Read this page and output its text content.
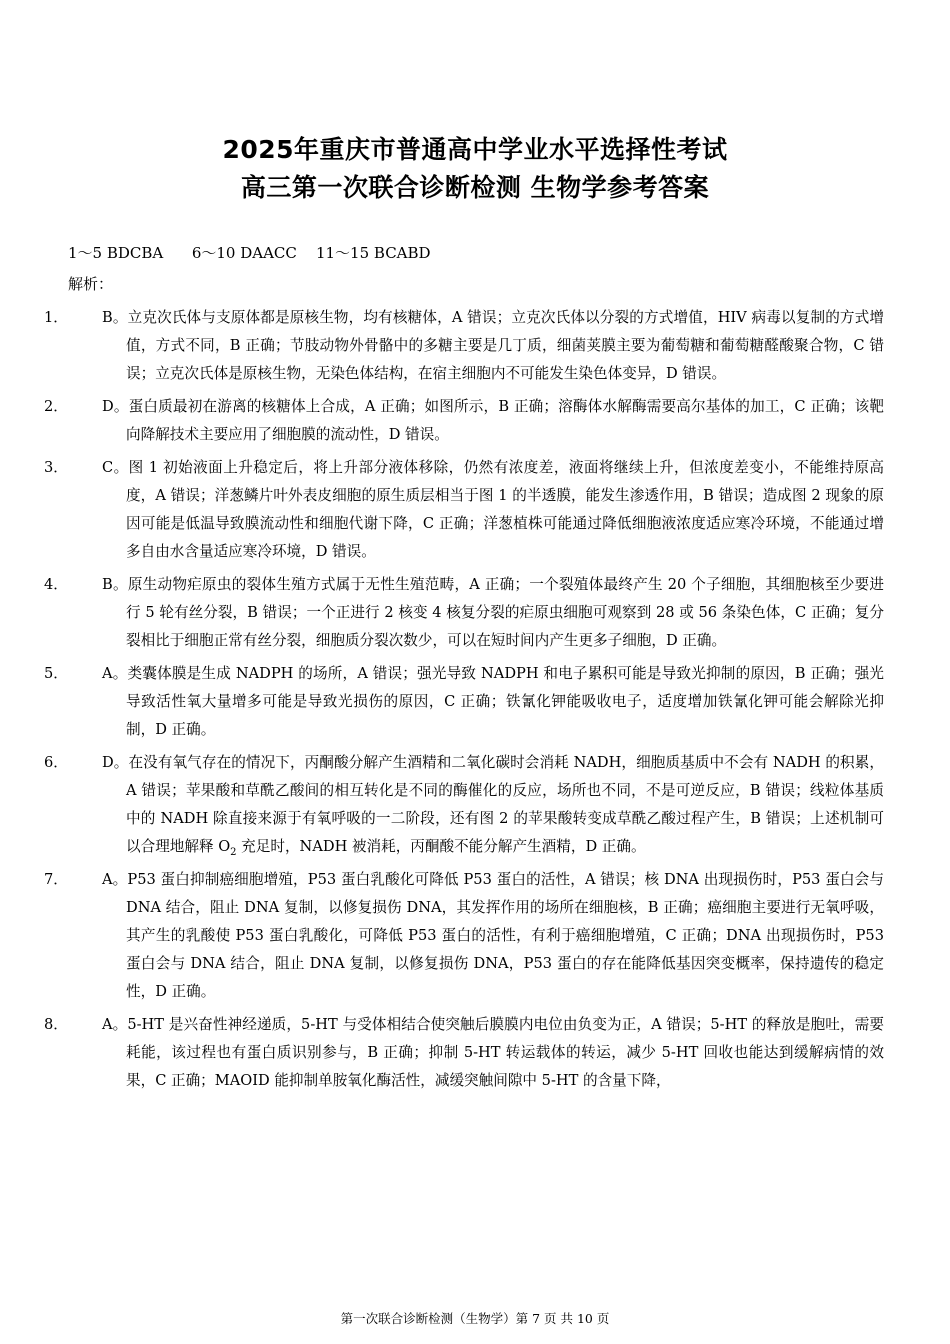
2025年重庆市普通高中学业水平选择性考试
高三第一次联合诊断检测 生物学参考答案
1～5 BDCBA      6～10 DAACC    11～15 BCABD
解析：
1． B。立克次氏体与支原体都是原核生物，均有核糖体，A 错误；立克次氏体以分裂的方式增值，HIV 病毒以复制的方式增值，方式不同，B 正确；节肢动物外骨骼中的多糖主要是几丁质，细菌荚膜主要为葡萄糖和葡萄糖醛酸聚合物，C 错误；立克次氏体是原核生物，无染色体结构，在宿主细胞内不可能发生染色体变异，D 错误。
2． D。蛋白质最初在游离的核糖体上合成，A 正确；如图所示，B 正确；溶酶体水解酶需要高尔基体的加工，C 正确；该靶向降解技术主要应用了细胞膜的流动性，D 错误。
3． C。图 1 初始液面上升稳定后，将上升部分液体移除，仍然有浓度差，液面将继续上升，但浓度差变小，不能维持原高度，A 错误；洋葱鳞片叶外表皮细胞的原生质层相当于图 1 的半透膜，能发生渗透作用，B 错误；造成图 2 现象的原因可能是低温导致膜流动性和细胞代谢下降，C 正确；洋葱植株可能通过降低细胞液浓度适应寒冷环境，不能通过增多自由水含量适应寒冷环境，D 错误。
4． B。原生动物疟原虫的裂体生殖方式属于无性生殖范畴，A 正确；一个裂殖体最终产生 20 个子细胞，其细胞核至少要进行 5 轮有丝分裂，B 错误；一个正进行 2 核变 4 核复分裂的疟原虫细胞可观察到 28 或 56 条染色体，C 正确；复分裂相比于细胞正常有丝分裂，细胞质分裂次数少，可以在短时间内产生更多子细胞，D 正确。
5． A。类囊体膜是生成 NADPH 的场所，A 错误；强光导致 NADPH 和电子累积可能是导致光抑制的原因，B 正确；强光导致活性氧大量增多可能是导致光损伤的原因，C 正确；铁氰化钾能吸收电子，适度增加铁氰化钾可能会解除光抑制，D 正确。
6． D。在没有氧气存在的情况下，丙酮酸分解产生酒精和二氧化碳时会消耗 NADH，细胞质基质中不会有 NADH 的积累，A 错误；苹果酸和草酰乙酸间的相互转化是不同的酶催化的反应，场所也不同，不是可逆反应，B 错误；线粒体基质中的 NADH 除直接来源于有氧呼吸的一二阶段，还有图 2 的苹果酸转变成草酰乙酸过程产生，B 错误；上述机制可以合理地解释 $O_2$ 充足时，NADH 被消耗，丙酮酸不能分解产生酒精，D 正确。
7． A。P53 蛋白抑制癌细胞增殖，P53 蛋白乳酸化可降低 P53 蛋白的活性，A 错误；核 DNA 出现损伤时，P53 蛋白会与 DNA 结合，阻止 DNA 复制，以修复损伤 DNA，其发挥作用的场所在细胞核，B 正确；癌细胞主要进行无氧呼吸，其产生的乳酸使 P53 蛋白乳酸化，可降低 P53 蛋白的活性，有利于癌细胞增殖，C 正确；DNA 出现损伤时，P53 蛋白会与 DNA 结合，阻止 DNA 复制，以修复损伤 DNA，P53 蛋白的存在能降低基因突变概率，保持遗传的稳定性，D 正确。
8． A。5-HT 是兴奋性神经递质，5-HT 与受体相结合使突触后膜膜内电位由负变为正，A 错误；5-HT 的释放是胞吐，需要耗能，该过程也有蛋白质识别参与，B 正确；抑制 5-HT 转运载体的转运，减少 5-HT 回收也能达到缓解病情的效果，C 正确；MAOID 能抑制单胺氧化酶活性，减缓突触间隙中 5-HT 的含量下降，
第一次联合诊断检测（生物学）第 7 页 共 10 页
